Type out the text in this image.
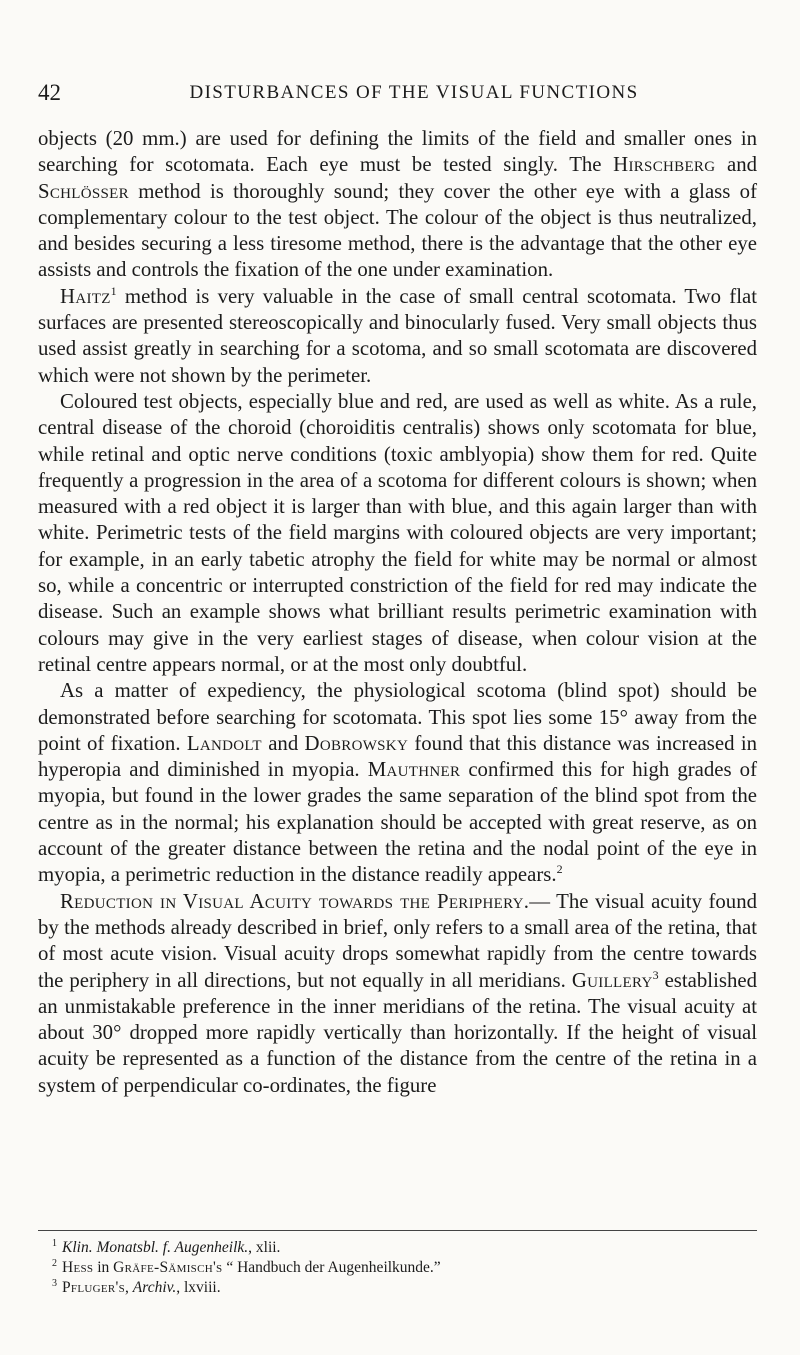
42	DISTURBANCES OF THE VISUAL FUNCTIONS

objects (20 mm.) are used for defining the limits of the field and smaller ones in searching for scotomata. Each eye must be tested singly. The Hirschberg and Schlösser method is thoroughly sound; they cover the other eye with a glass of complementary colour to the test object. The colour of the object is thus neutralized, and besides securing a less tiresome method, there is the advantage that the other eye assists and controls the fixation of the one under examination.

Haitz$^1$ method is very valuable in the case of small central scotomata. Two flat surfaces are presented stereoscopically and binocularly fused. Very small objects thus used assist greatly in searching for a scotoma, and so small scotomata are discovered which were not shown by the perimeter.

Coloured test objects, especially blue and red, are used as well as white. As a rule, central disease of the choroid (choroiditis centralis) shows only scotomata for blue, while retinal and optic nerve conditions (toxic amblyopia) show them for red. Quite frequently a progression in the area of a scotoma for different colours is shown; when measured with a red object it is larger than with blue, and this again larger than with white. Perimetric tests of the field margins with coloured objects are very important; for example, in an early tabetic atrophy the field for white may be normal or almost so, while a concentric or interrupted constriction of the field for red may indicate the disease. Such an example shows what brilliant results perimetric examination with colours may give in the very earliest stages of disease, when colour vision at the retinal centre appears normal, or at the most only doubtful.

As a matter of expediency, the physiological scotoma (blind spot) should be demonstrated before searching for scotomata. This spot lies some 15° away from the point of fixation. Landolt and Dobrowsky found that this distance was increased in hyperopia and diminished in myopia. Mauthner confirmed this for high grades of myopia, but found in the lower grades the same separation of the blind spot from the centre as in the normal; his explanation should be accepted with great reserve, as on account of the greater distance between the retina and the nodal point of the eye in myopia, a perimetric reduction in the distance readily appears.$^2$

Reduction in Visual Acuity towards the Periphery.— The visual acuity found by the methods already described in brief, only refers to a small area of the retina, that of most acute vision. Visual acuity drops somewhat rapidly from the centre towards the periphery in all directions, but not equally in all meridians. Guillery$^3$ established an unmistakable preference in the inner meridians of the retina. The visual acuity at about 30° dropped more rapidly vertically than horizontally. If the height of visual acuity be represented as a function of the distance from the centre of the retina in a system of perpendicular co-ordinates, the figure

$^1$ Klin. Monatsbl. f. Augenheilk., xlii.
$^2$ Hess in Gräfe-Sämisch's “ Handbuch der Augenheilkunde.”
$^3$ Pfluger's, Archiv., lxviii.
